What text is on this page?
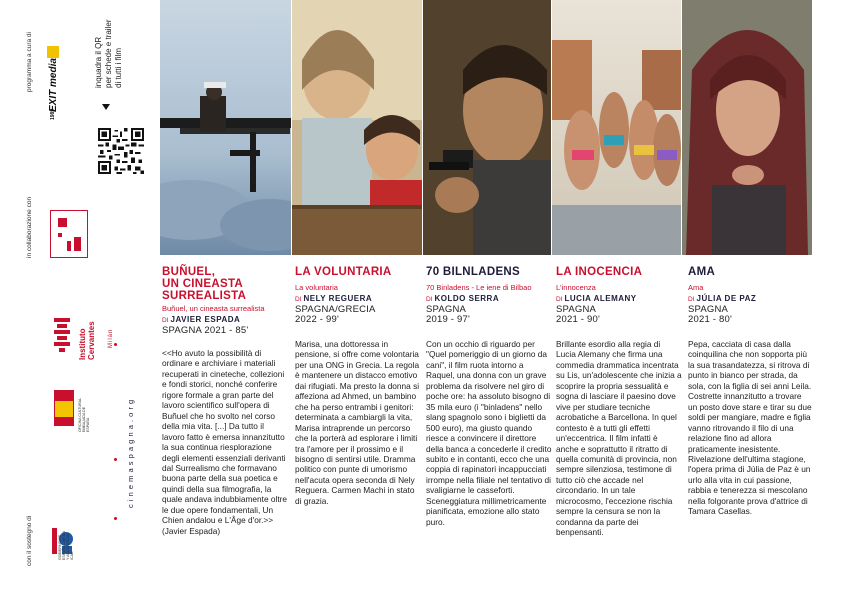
programma a cura di EXIT media
1989
inquadra il QR per schede e trailer di tutti i film
in collaborazione con
Instituto Cervantes Milán
cinemaspagna.org
OFICINA CULTURAL EMBAJADA DE ESPAÑA
con il sostegno di	GOBIERNO DE ESPAÑA CINEMA Y AUDIOVISUAL ICAA
BUÑUEL,
UN CINEASTA
SURREALISTA
Buñuel, un cineasta surrealista
DI JAVIER ESPADA
SPAGNA 2021 - 85'
<<Ho avuto la possibilità di ordinare e archiviare i materiali recuperati in cineteche, collezioni e fondi storici, nonché conferire rigore formale a gran parte del lavoro scientifico sull'opera di Buñuel che ho svolto nel corso della mia vita. [...] Da tutto il lavoro fatto è emersa innanzitutto la sua continua riesplorazione degli elementi essenziali derivanti dal Surrealismo che formavano buona parte della sua poetica e quindi della sua filmografia, la quale andava indubbiamente oltre le due opere fondamentali, Un Chien andalou e L'Âge d'or.>> (Javier Espada)
LA VOLUNTARIA
La voluntaria
DI NELY REGUERA
SPAGNA/GRECIA
2022 - 99'
Marisa, una dottoressa in pensione, si offre come volontaria per una ONG in Grecia. La regola è mantenere un distacco emotivo dai rifugiati. Ma presto la donna si affeziona ad Ahmed, un bambino che ha perso entrambi i genitori: determinata a cambiargli la vita, Marisa intraprende un percorso che la porterà ad esplorare i limiti tra l'amore per il prossimo e il bisogno di sentirsi utile. Dramma politico con punte di umorismo nell'acuta opera seconda di Nely Reguera. Carmen Machi in stato di grazia.
70 BILNLADENS
70 Binladens - Le iene di Bilbao
DI KOLDO SERRA
SPAGNA
2019 - 97'
Con un occhio di riguardo per "Quel pomeriggio di un giorno da cani", il film ruota intorno a Raquel, una donna con un grave problema da risolvere nel giro di poche ore: ha assoluto bisogno di 35 mila euro (i "binladens" nello slang spagnolo sono i biglietti da 500 euro), ma giusto quando riesce a convincere il direttore della banca a concederle il credito subito e in contanti, ecco che una coppia di rapinatori incappucciati irrompe nella filiale nel tentativo di svaligiarne le casseforti. Sceneggiatura millimetricamente pianificata, emozione allo stato puro.
LA INOCENCIA
L'innocenza
DI LUCIA ALEMANY
SPAGNA
2021 - 90'
Brillante esordio alla regia di Lucia Alemany che firma una commedia drammatica incentrata su Lis, un'adolescente che inizia a scoprire la propria sessualità e sogna di lasciare il paesino dove vive per studiare tecniche acrobatiche a Barcellona. In quel contesto è a tutti gli effetti un'eccentrica. Il film infatti è anche e soprattutto il ritratto di quella comunità di provincia, non sempre silenziosa, testimone di tutto ciò che accade nel circondario. In un tale microcosmo, l'eccezione rischia sempre la censura se non la condanna da parte dei benpensanti.
AMA
Ama
DI JÚLIA DE PAZ
SPAGNA
2021 - 80'
Pepa, cacciata di casa dalla coinquilina che non sopporta più la sua trasandatezza, si ritrova di punto in bianco per strada, da sola, con la figlia di sei anni Leila. Costrette innanzitutto a trovare un posto dove stare e tirar su due soldi per mangiare, madre e figlia vanno ritrovando il filo di una relazione fino ad allora praticamente inesistente. Rivelazione dell'ultima stagione, l'opera prima di Júlia de Paz è un urlo alla vita in cui passione, rabbia e tenerezza si mescolano nella folgorante prova d'attrice di Tamara Casellas.
